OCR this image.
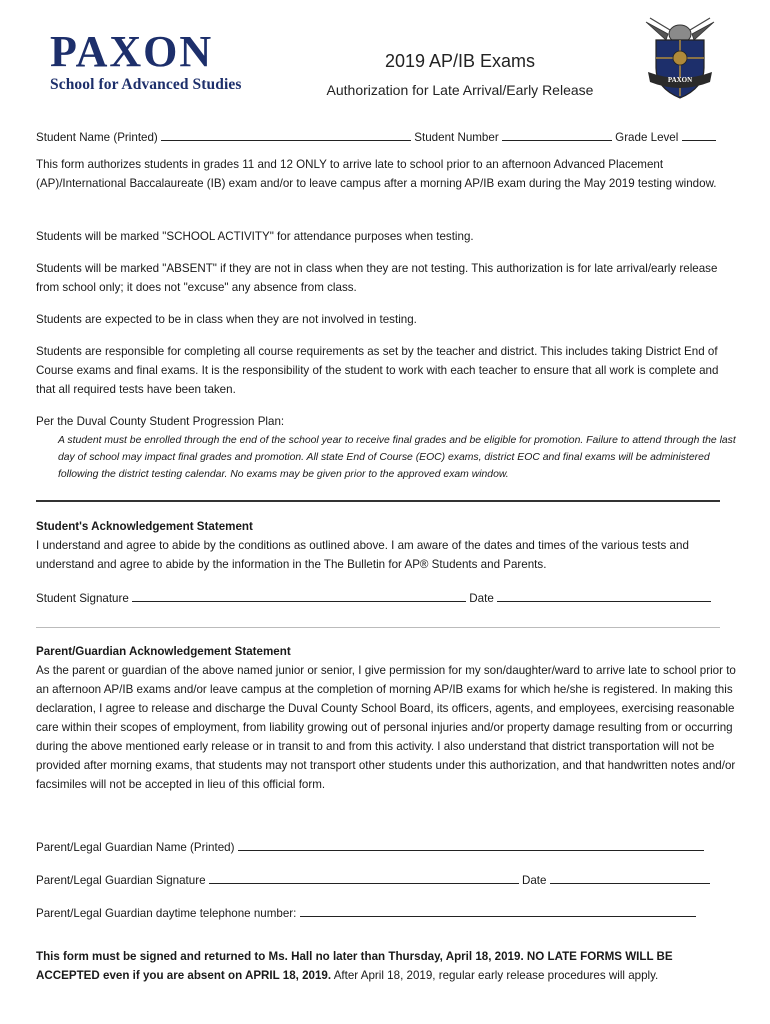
PAXON
School for Advanced Studies
2019 AP/IB Exams
Authorization for Late Arrival/Early Release
PAXON
Student Name (Printed)	Student Number	Grade Level

This form authorizes students in grades 11 and 12 ONLY to arrive late to school prior to an afternoon Advanced Placement (AP)/International Baccalaureate (IB) exam and/or to leave campus after a morning AP/IB exam during the May 2019 testing window.

Students will be marked "SCHOOL ACTIVITY" for attendance purposes when testing.

Students will be marked "ABSENT" if they are not in class when they are not testing. This authorization is for late arrival/early release from school only; it does not "excuse" any absence from class.

Students are expected to be in class when they are not involved in testing.

Students are responsible for completing all course requirements as set by the teacher and district. This includes taking District End of Course exams and final exams. It is the responsibility of the student to work with each teacher to ensure that all work is complete and that all required tests have been taken.

Per the Duval County Student Progression Plan:

A student must be enrolled through the end of the school year to receive final grades and be eligible for promotion. Failure to attend through the last day of school may impact final grades and promotion. All state End of Course (EOC) exams, district EOC and final exams will be administered following the district testing calendar. No exams may be given prior to the approved exam window.

Student's Acknowledgement Statement

I understand and agree to abide by the conditions as outlined above. I am aware of the dates and times of the various tests and understand and agree to abide by the information in the The Bulletin for AP® Students and Parents.

Student Signature	Date

Parent/Guardian Acknowledgement Statement

As the parent or guardian of the above named junior or senior, I give permission for my son/daughter/ward to arrive late to school prior to an afternoon AP/IB exams and/or leave campus at the completion of morning AP/IB exams for which he/she is registered. In making this declaration, I agree to release and discharge the Duval County School Board, its officers, agents, and employees, exercising reasonable care within their scopes of employment, from liability growing out of personal injuries and/or property damage resulting from or occurring during the above mentioned early release or in transit to and from this activity. I also understand that district transportation will not be provided after morning exams, that students may not transport other students under this authorization, and that handwritten notes and/or facsimiles will not be accepted in lieu of this official form.

Parent/Legal Guardian Name (Printed)
Parent/Legal Guardian Signature	Date
Parent/Legal Guardian daytime telephone number:

This form must be signed and returned to Ms. Hall no later than Thursday, April 18, 2019. NO LATE FORMS WILL BE ACCEPTED even if you are absent on APRIL 18, 2019. After April 18, 2019, regular early release procedures will apply.
